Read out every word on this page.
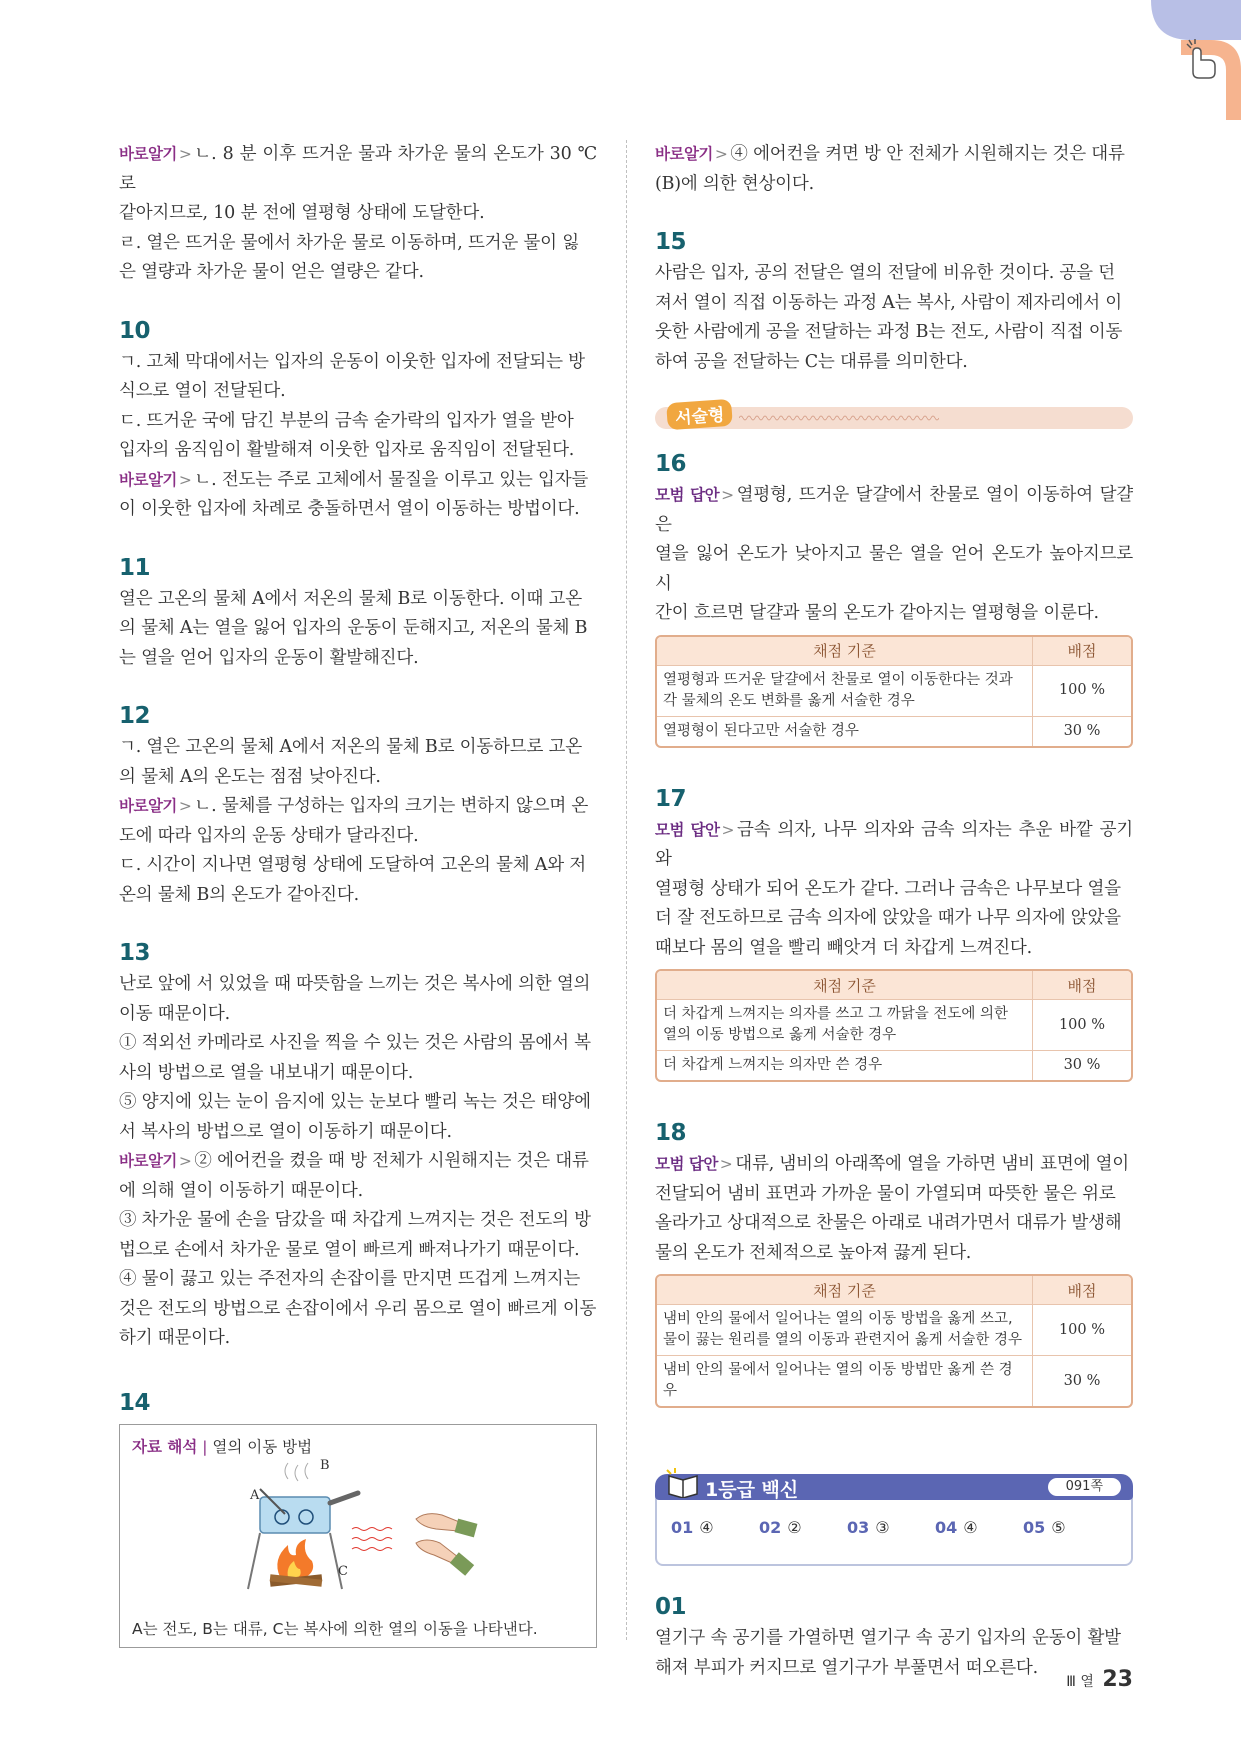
바로알기 > ㄴ. 8 분 이후 뜨거운 물과 차가운 물의 온도가 30 ℃로

같아지므로, 10 분 전에 열평형 상태에 도달한다.

ㄹ. 열은 뜨거운 물에서 차가운 물로 이동하며, 뜨거운 물이 잃

은 열량과 차가운 물이 얻은 열량은 같다.

10

ㄱ. 고체 막대에서는 입자의 운동이 이웃한 입자에 전달되는 방

식으로 열이 전달된다.

ㄷ. 뜨거운 국에 담긴 부분의 금속 숟가락의 입자가 열을 받아

입자의 움직임이 활발해져 이웃한 입자로 움직임이 전달된다.

바로알기 > ㄴ. 전도는 주로 고체에서 물질을 이루고 있는 입자들

이 이웃한 입자에 차례로 충돌하면서 열이 이동하는 방법이다.

11

열은 고온의 물체 A에서 저온의 물체 B로 이동한다. 이때 고온

의 물체 A는 열을 잃어 입자의 운동이 둔해지고, 저온의 물체 B

는 열을 얻어 입자의 운동이 활발해진다.

12

ㄱ. 열은 고온의 물체 A에서 저온의 물체 B로 이동하므로 고온

의 물체 A의 온도는 점점 낮아진다.

바로알기 > ㄴ. 물체를 구성하는 입자의 크기는 변하지 않으며 온

도에 따라 입자의 운동 상태가 달라진다.

ㄷ. 시간이 지나면 열평형 상태에 도달하여 고온의 물체 A와 저

온의 물체 B의 온도가 같아진다.

13

난로 앞에 서 있었을 때 따뜻함을 느끼는 것은 복사에 의한 열의

이동 때문이다.

① 적외선 카메라로 사진을 찍을 수 있는 것은 사람의 몸에서 복

사의 방법으로 열을 내보내기 때문이다.

⑤ 양지에 있는 눈이 음지에 있는 눈보다 빨리 녹는 것은 태양에

서 복사의 방법으로 열이 이동하기 때문이다.

바로알기 > ② 에어컨을 켰을 때 방 전체가 시원해지는 것은 대류

에 의해 열이 이동하기 때문이다.

③ 차가운 물에 손을 담갔을 때 차갑게 느껴지는 것은 전도의 방

법으로 손에서 차가운 물로 열이 빠르게 빠져나가기 때문이다.

④ 물이 끓고 있는 주전자의 손잡이를 만지면 뜨겁게 느껴지는

것은 전도의 방법으로 손잡이에서 우리 몸으로 열이 빠르게 이동

하기 때문이다.

14
자료 해석 | 열의 이동 방법
A
B
C
A는 전도, B는 대류, C는 복사에 의한 열의 이동을 나타낸다.

바로알기 > ④ 에어컨을 켜면 방 안 전체가 시원해지는 것은 대류

(B)에 의한 현상이다.

15

사람은 입자, 공의 전달은 열의 전달에 비유한 것이다. 공을 던

져서 열이 직접 이동하는 과정 A는 복사, 사람이 제자리에서 이

웃한 사람에게 공을 전달하는 과정 B는 전도, 사람이 직접 이동

하여 공을 전달하는 C는 대류를 의미한다.

서술형
16

모범 답안 > 열평형, 뜨거운 달걀에서 찬물로 열이 이동하여 달걀은

열을 잃어 온도가 낮아지고 물은 열을 얻어 온도가 높아지므로 시

간이 흐르면 달걀과 물의 온도가 같아지는 열평형을 이룬다.

채점 기준	배점
열평형과 뜨거운 달걀에서 찬물로 열이 이동한다는 것과 각 물체의 온도 변화를 옳게 서술한 경우	100 %
열평형이 된다고만 서술한 경우	30 %
17

모범 답안 > 금속 의자, 나무 의자와 금속 의자는 추운 바깥 공기와

열평형 상태가 되어 온도가 같다. 그러나 금속은 나무보다 열을

더 잘 전도하므로 금속 의자에 앉았을 때가 나무 의자에 앉았을

때보다 몸의 열을 빨리 빼앗겨 더 차갑게 느껴진다.

채점 기준	배점
더 차갑게 느껴지는 의자를 쓰고 그 까닭을 전도에 의한 열의 이동 방법으로 옳게 서술한 경우	100 %
더 차갑게 느껴지는 의자만 쓴 경우	30 %
18

모범 답안 > 대류, 냄비의 아래쪽에 열을 가하면 냄비 표면에 열이

전달되어 냄비 표면과 가까운 물이 가열되며 따뜻한 물은 위로

올라가고 상대적으로 찬물은 아래로 내려가면서 대류가 발생해

물의 온도가 전체적으로 높아져 끓게 된다.

채점 기준	배점
냄비 안의 물에서 일어나는 열의 이동 방법을 옳게 쓰고, 물이 끓는 원리를 열의 이동과 관련지어 옳게 서술한 경우	100 %
냄비 안의 물에서 일어나는 열의 이동 방법만 옳게 쓴 경우	30 %
1등급 백신	091쪽
01 ④	02 ②	03 ③	04 ④	05 ⑤
01

열기구 속 공기를 가열하면 열기구 속 공기 입자의 운동이 활발

해져 부피가 커지므로 열기구가 부풀면서 떠오른다.

Ⅲ 열 23
